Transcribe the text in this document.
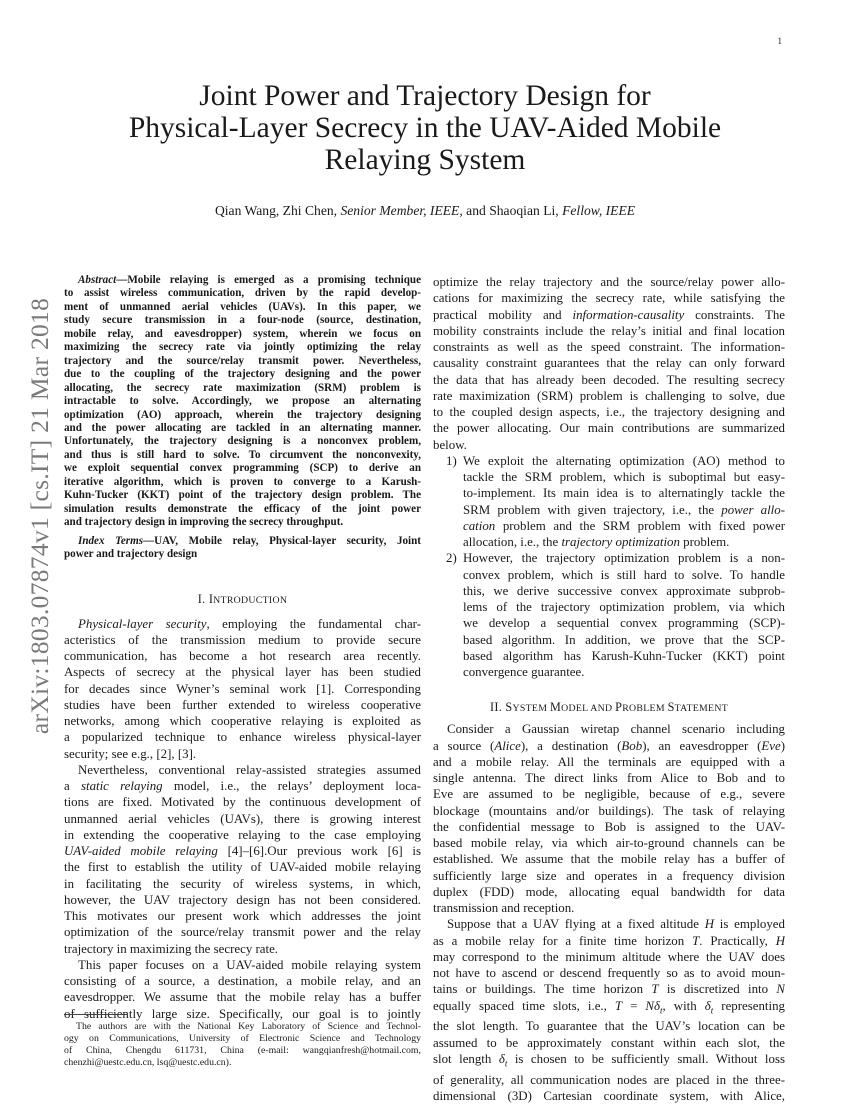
1
arXiv:1803.07874v1 [cs.IT] 21 Mar 2018
Joint Power and Trajectory Design for
Physical-Layer Secrecy in the UAV-Aided Mobile
Relaying System
Qian Wang, Zhi Chen, Senior Member, IEEE, and Shaoqian Li, Fellow, IEEE
Abstract—Mobile relaying is emerged as a promising technique
to assist wireless communication, driven by the rapid develop-
ment of unmanned aerial vehicles (UAVs). In this paper, we
study secure transmission in a four-node (source, destination,
mobile relay, and eavesdropper) system, wherein we focus on
maximizing the secrecy rate via jointly optimizing the relay
trajectory and the source/relay transmit power. Nevertheless,
due to the coupling of the trajectory designing and the power
allocating, the secrecy rate maximization (SRM) problem is
intractable to solve. Accordingly, we propose an alternating
optimization (AO) approach, wherein the trajectory designing
and the power allocating are tackled in an alternating manner.
Unfortunately, the trajectory designing is a nonconvex problem,
and thus is still hard to solve. To circumvent the nonconvexity,
we exploit sequential convex programming (SCP) to derive an
iterative algorithm, which is proven to converge to a Karush-
Kuhn-Tucker (KKT) point of the trajectory design problem. The
simulation results demonstrate the efficacy of the joint power
and trajectory design in improving the secrecy throughput.
Index Terms—UAV, Mobile relay, Physical-layer security, Joint
power and trajectory design
I. INTRODUCTION
Physical-layer security, employing the fundamental char-
acteristics of the transmission medium to provide secure
communication, has become a hot research area recently.
Aspects of secrecy at the physical layer has been studied
for decades since Wyner’s seminal work [1]. Corresponding
studies have been further extended to wireless cooperative
networks, among which cooperative relaying is exploited as
a popularized technique to enhance wireless physical-layer
security; see e.g., [2], [3].
Nevertheless, conventional relay-assisted strategies assumed
a static relaying model, i.e., the relays’ deployment loca-
tions are fixed. Motivated by the continuous development of
unmanned aerial vehicles (UAVs), there is growing interest
in extending the cooperative relaying to the case employing
UAV-aided mobile relaying [4]–[6].Our previous work [6] is
the first to establish the utility of UAV-aided mobile relaying
in facilitating the security of wireless systems, in which,
however, the UAV trajectory design has not been considered.
This motivates our present work which addresses the joint
optimization of the source/relay transmit power and the relay
trajectory in maximizing the secrecy rate.
This paper focuses on a UAV-aided mobile relaying system
consisting of a source, a destination, a mobile relay, and an
eavesdropper. We assume that the mobile relay has a buffer
of sufficiently large size. Specifically, our goal is to jointly
The authors are with the National Key Laboratory of Science and Technol-
ogy on Communications, University of Electronic Science and Technology
of China, Chengdu 611731, China (e-mail: wangqianfresh@hotmail.com,
chenzhi@uestc.edu.cn, lsq@uestc.edu.cn).
optimize the relay trajectory and the source/relay power allo-
cations for maximizing the secrecy rate, while satisfying the
practical mobility and information-causality constraints. The
mobility constraints include the relay’s initial and final location
constraints as well as the speed constraint. The information-
causality constraint guarantees that the relay can only forward
the data that has already been decoded. The resulting secrecy
rate maximization (SRM) problem is challenging to solve, due
to the coupled design aspects, i.e., the trajectory designing and
the power allocating. Our main contributions are summarized
below.
1) We exploit the alternating optimization (AO) method to
tackle the SRM problem, which is suboptimal but easy-
to-implement. Its main idea is to alternatingly tackle the
SRM problem with given trajectory, i.e., the power allo-
cation problem and the SRM problem with fixed power
allocation, i.e., the trajectory optimization problem.
2) However, the trajectory optimization problem is a non-
convex problem, which is still hard to solve. To handle
this, we derive successive convex approximate subprob-
lems of the trajectory optimization problem, via which
we develop a sequential convex programming (SCP)-
based algorithm. In addition, we prove that the SCP-
based algorithm has Karush-Kuhn-Tucker (KKT) point
convergence guarantee.
II. SYSTEM MODEL AND PROBLEM STATEMENT
Consider a Gaussian wiretap channel scenario including
a source (Alice), a destination (Bob), an eavesdropper (Eve)
and a mobile relay. All the terminals are equipped with a
single antenna. The direct links from Alice to Bob and to
Eve are assumed to be negligible, because of e.g., severe
blockage (mountains and/or buildings). The task of relaying
the confidential message to Bob is assigned to the UAV-
based mobile relay, via which air-to-ground channels can be
established. We assume that the mobile relay has a buffer of
sufficiently large size and operates in a frequency division
duplex (FDD) mode, allocating equal bandwidth for data
transmission and reception.
Suppose that a UAV flying at a fixed altitude H is employed
as a mobile relay for a finite time horizon T. Practically, H
may correspond to the minimum altitude where the UAV does
not have to ascend or descend frequently so as to avoid moun-
tains or buildings. The time horizon T is discretized into N
equally spaced time slots, i.e., $T = N\delta_t$, with $\delta_t$ representing
the slot length. To guarantee that the UAV’s location can be
assumed to be approximately constant within each slot, the
slot length $\delta_t$ is chosen to be sufficiently small. Without loss
of generality, all communication nodes are placed in the three-
dimensional (3D) Cartesian coordinate system, with Alice,
